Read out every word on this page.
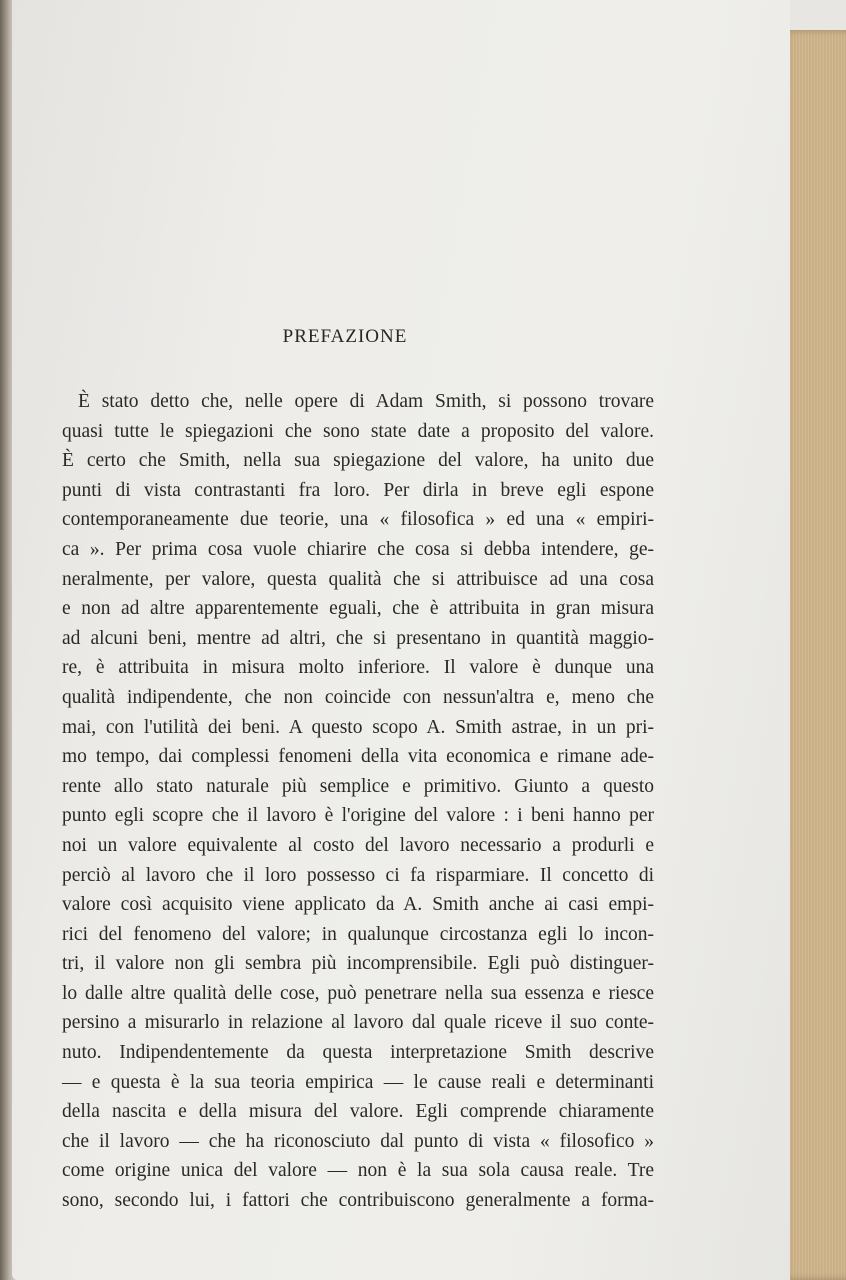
PREFAZIONE
È stato detto che, nelle opere di Adam Smith, si possono trovare
quasi tutte le spiegazioni che sono state date a proposito del valore.
È certo che Smith, nella sua spiegazione del valore, ha unito due
punti di vista contrastanti fra loro. Per dirla in breve egli espone
contemporaneamente due teorie, una « filosofica » ed una « empiri-
ca ». Per prima cosa vuole chiarire che cosa si debba intendere, ge-
neralmente, per valore, questa qualità che si attribuisce ad una cosa
e non ad altre apparentemente eguali, che è attribuita in gran misura
ad alcuni beni, mentre ad altri, che si presentano in quantità maggio-
re, è attribuita in misura molto inferiore. Il valore è dunque una
qualità indipendente, che non coincide con nessun'altra e, meno che
mai, con l'utilità dei beni. A questo scopo A. Smith astrae, in un pri-
mo tempo, dai complessi fenomeni della vita economica e rimane ade-
rente allo stato naturale più semplice e primitivo. Giunto a questo
punto egli scopre che il lavoro è l'origine del valore : i beni hanno per
noi un valore equivalente al costo del lavoro necessario a produrli e
perciò al lavoro che il loro possesso ci fa risparmiare. Il concetto di
valore così acquisito viene applicato da A. Smith anche ai casi empi-
rici del fenomeno del valore; in qualunque circostanza egli lo incon-
tri, il valore non gli sembra più incomprensibile. Egli può distinguer-
lo dalle altre qualità delle cose, può penetrare nella sua essenza e riesce
persino a misurarlo in relazione al lavoro dal quale riceve il suo conte-
nuto. Indipendentemente da questa interpretazione Smith descrive
— e questa è la sua teoria empirica — le cause reali e determinanti
della nascita e della misura del valore. Egli comprende chiaramente
che il lavoro — che ha riconosciuto dal punto di vista « filosofico »
come origine unica del valore — non è la sua sola causa reale. Tre
sono, secondo lui, i fattori che contribuiscono generalmente a forma-
